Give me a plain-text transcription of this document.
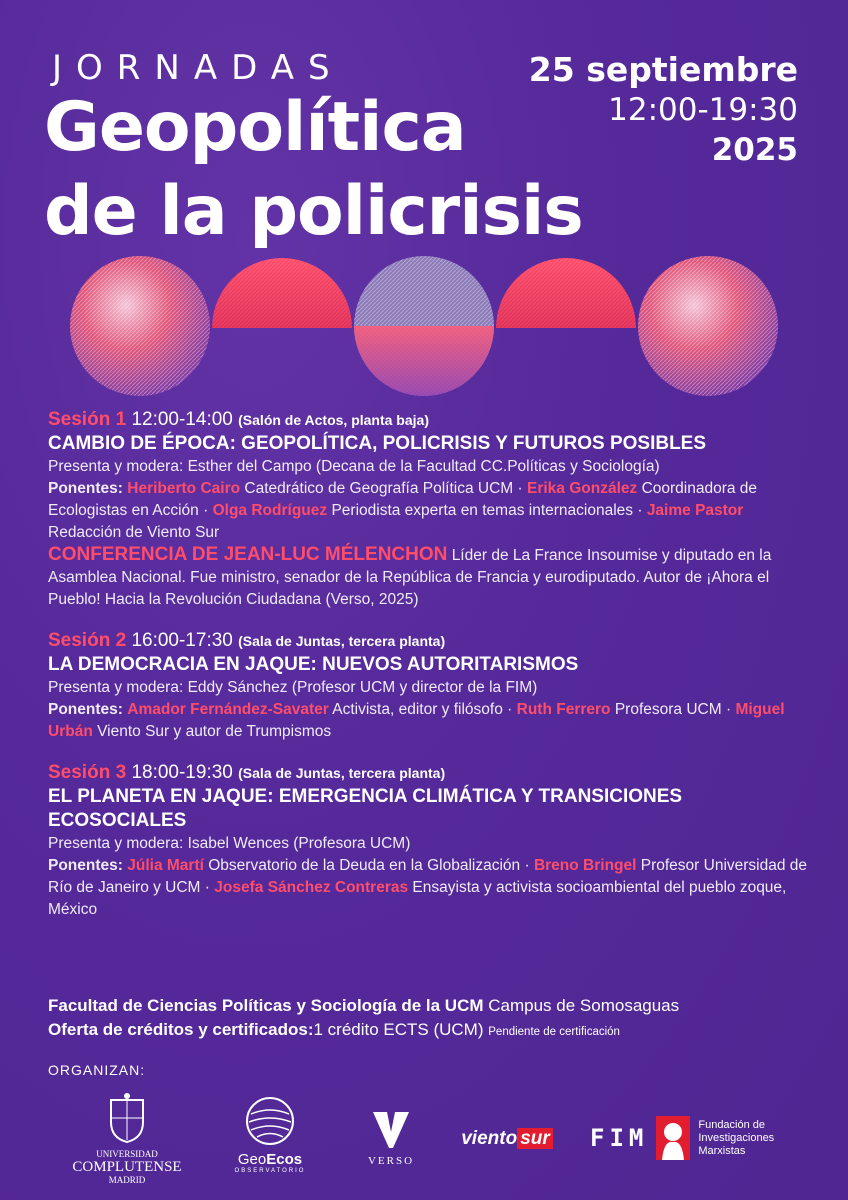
JORNADAS
Geopolítica
de la policrisis
25 septiembre
12:00-19:30
2025
Sesión 1 12:00-14:00 (Salón de Actos, planta baja)
CAMBIO DE ÉPOCA: GEOPOLÍTICA, POLICRISIS Y FUTUROS POSIBLES
Presenta y modera: Esther del Campo (Decana de la Facultad CC.Políticas y Sociología)
Ponentes: Heriberto Cairo Catedrático de Geografía Política UCM · Erika González Coordinadora de Ecologistas en Acción · Olga Rodríguez Periodista experta en temas internacionales · Jaime Pastor Redacción de Viento Sur
CONFERENCIA DE JEAN-LUC MÉLENCHON Líder de La France Insoumise y diputado en la Asamblea Nacional. Fue ministro, senador de la República de Francia y eurodiputado. Autor de ¡Ahora el Pueblo! Hacia la Revolución Ciudadana (Verso, 2025)
Sesión 2 16:00-17:30 (Sala de Juntas, tercera planta)
LA DEMOCRACIA EN JAQUE: NUEVOS AUTORITARISMOS
Presenta y modera: Eddy Sánchez (Profesor UCM y director de la FIM)
Ponentes: Amador Fernández-Savater Activista, editor y filósofo · Ruth Ferrero Profesora UCM · Miguel Urbán Viento Sur y autor de Trumpismos
Sesión 3 18:00-19:30 (Sala de Juntas, tercera planta)
EL PLANETA EN JAQUE: EMERGENCIA CLIMÁTICA Y TRANSICIONES ECOSOCIALES
Presenta y modera: Isabel Wences (Profesora UCM)
Ponentes: Júlia Martí Observatorio de la Deuda en la Globalización · Breno Bringel Profesor Universidad de Río de Janeiro y UCM · Josefa Sánchez Contreras Ensayista y activista socioambiental del pueblo zoque, México
Facultad de Ciencias Políticas y Sociología de la UCM Campus de Somosaguas
Oferta de créditos y certificados:1 crédito ECTS (UCM) Pendiente de certificación
ORGANIZAN:
UNIVERSIDAD
COMPLUTENSE
MADRID
GeoEcos
OBSERVATORIO
VERSO
viento sur	FIM	Fundación de
Investigaciones
Marxistas
